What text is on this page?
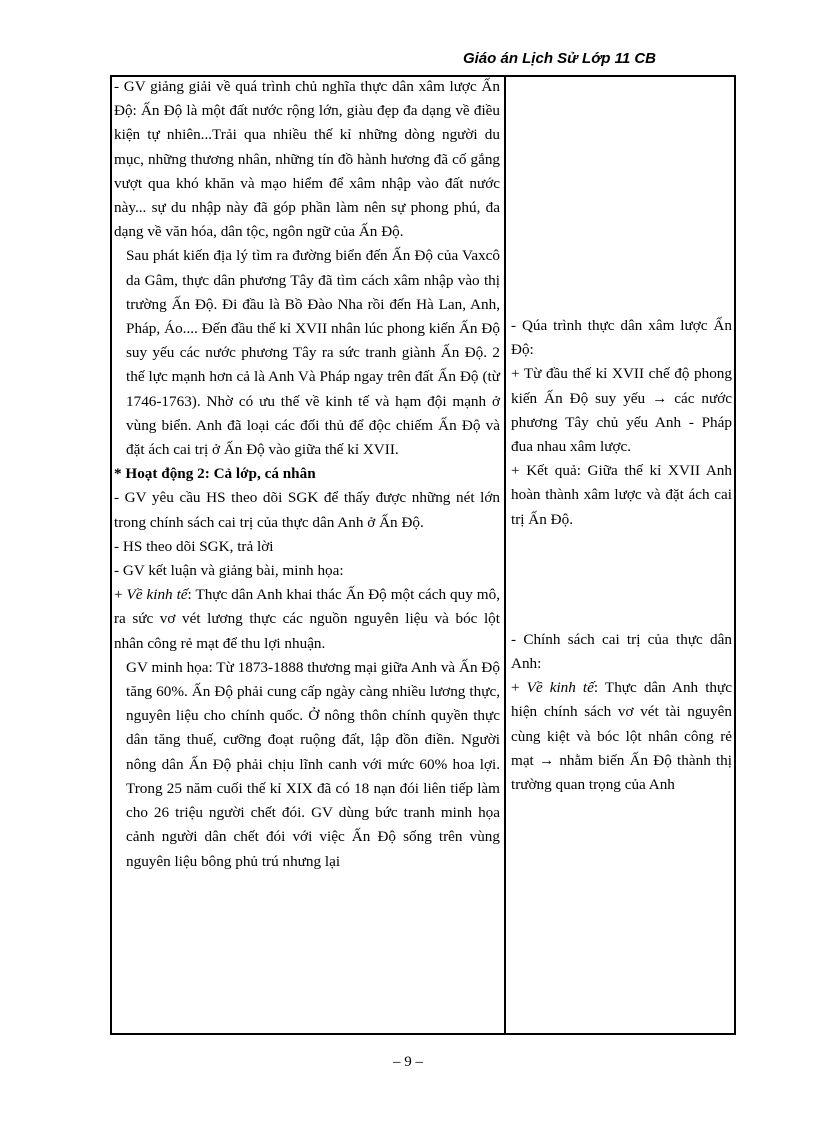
Giáo án Lịch Sử Lớp 11 CB

- GV giảng giải về quá trình chủ nghĩa thực dân xâm lược Ấn Độ: Ấn Độ là một đất nước rộng lớn, giàu đẹp đa dạng về điều kiện tự nhiên...Trải qua nhiều thế kỉ những dòng người du mục, những thương nhân, những tín đồ hành hương đã cố gắng vượt qua khó khăn và mạo hiểm để xâm nhập vào đất nước này... sự du nhập này đã góp phần làm nên sự phong phú, đa dạng về văn hóa, dân tộc, ngôn ngữ của Ấn Độ.

Sau phát kiến địa lý tìm ra đường biển đến Ấn Độ của Vaxcô da Gâm, thực dân phương Tây đã tìm cách xâm nhập vào thị trường Ấn Độ. Đi đầu là Bồ Đào Nha rồi đến Hà Lan, Anh, Pháp, Áo.... Đến đầu thế kỉ XVII nhân lúc phong kiến Ấn Độ suy yếu các nước phương Tây ra sức tranh giành Ấn Độ. 2 thế lực mạnh hơn cả là Anh Và Pháp ngay trên đất Ấn Độ (từ 1746-1763). Nhờ có ưu thế về kinh tế và hạm đội mạnh ở vùng biển. Anh đã loại các đối thủ để độc chiếm Ấn Độ và đặt ách cai trị ở Ấn Độ vào giữa thế kỉ XVII.

* Hoạt động 2: Cả lớp, cá nhân

- GV yêu cầu HS theo dõi SGK để thấy được những nét lớn trong chính sách cai trị của thực dân Anh ở Ấn Độ.

- HS theo dõi SGK, trả lời

- GV kết luận và giảng bài, minh họa:

+ Về kinh tế: Thực dân Anh khai thác Ấn Độ một cách quy mô, ra sức vơ vét lương thực các nguồn nguyên liệu và bóc lột nhân công rẻ mạt để thu lợi nhuận.

GV minh họa: Từ 1873-1888 thương mại giữa Anh và Ấn Độ tăng 60%. Ấn Độ phải cung cấp ngày càng nhiều lương thực, nguyên liệu cho chính quốc. Ở nông thôn chính quyền thực dân tăng thuế, cưỡng đoạt ruộng đất, lập đồn điền. Người nông dân Ấn Độ phải chịu lĩnh canh với mức 60% hoa lợi. Trong 25 năm cuối thế kỉ XIX đã có 18 nạn đói liên tiếp làm cho 26 triệu người chết đói. GV dùng bức tranh minh họa cảnh người dân chết đói với việc Ấn Độ sống trên vùng nguyên liệu bông phủ trú nhưng lại

- Qúa trình thực dân xâm lược Ấn Độ:

+ Từ đầu thế kỉ XVII chế độ phong kiến Ấn Độ suy yếu → các nước phương Tây chủ yếu Anh - Pháp đua nhau xâm lược.

+ Kết quả: Giữa thế kỉ XVII Anh hoàn thành xâm lược và đặt ách cai trị Ấn Độ.

- Chính sách cai trị của thực dân Anh:

+ Về kinh tế: Thực dân Anh thực hiện chính sách vơ vét tài nguyên cùng kiệt và bóc lột nhân công rẻ mạt → nhằm biến Ấn Độ thành thị trường quan trọng của Anh

– 9 –
